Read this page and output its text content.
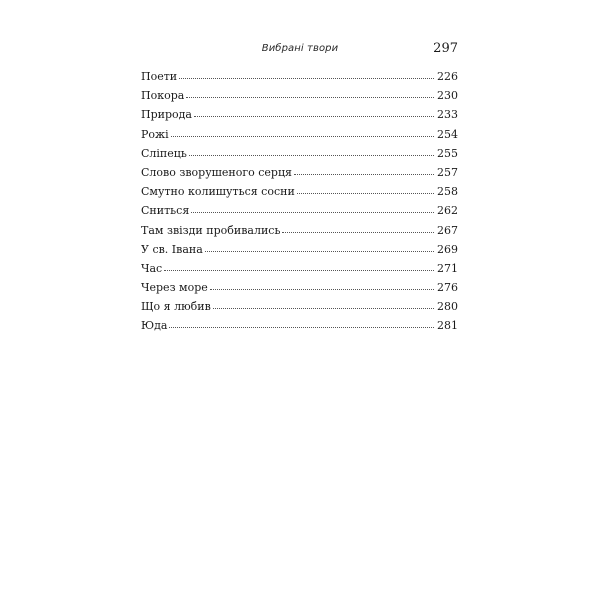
Вибрані твори	297
Поети	226
Покора	230
Природа	233
Рожі	254
Сліпець	255
Слово зворушеного серця	257
Смутно колишуться сосни	258
Сниться	262
Там звізди пробивались	267
У св. Івана	269
Час	271
Через море	276
Що я любив	280
Юда	281
